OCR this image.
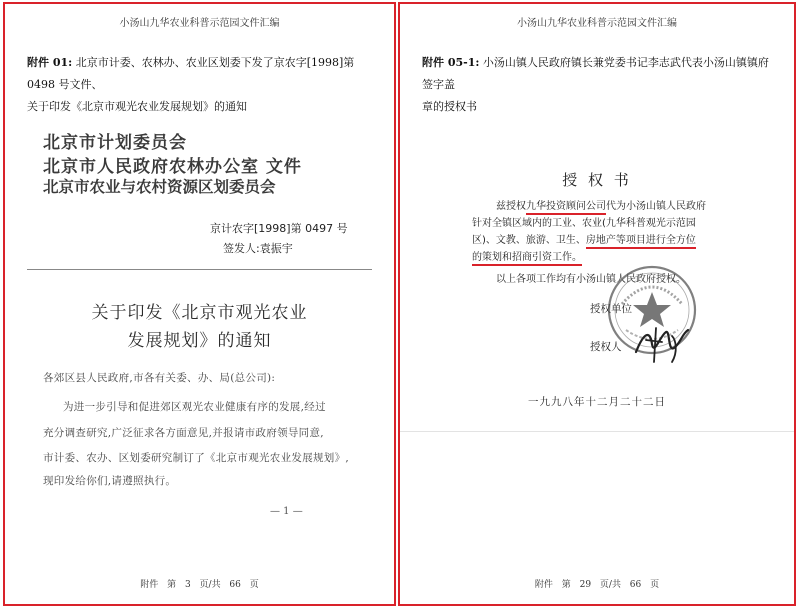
小汤山九华农业科普示范园文件汇编
附件 01: 北京市计委、农林办、农业区划委下发了京农字[1998]第 0498 号文件、
关于印发《北京市观光农业发展规划》的通知
北京市计划委员会
北京市人民政府农林办公室 文件
北京市农业与农村资源区划委员会
京计农字[1998]第 0497 号
签发人:袁振宇
关于印发《北京市观光农业
发展规划》的通知
各郊区县人民政府,市各有关委、办、局(总公司):
为进一步引导和促进郊区观光农业健康有序的发展,经过
充分调查研究,广泛征求各方面意见,并报请市政府领导同意,
市计委、农办、区划委研究制订了《北京市观光农业发展规划》,
现印发给你们,请遵照执行。
— 1 —
附件 第 3 页/共 66 页
小汤山九华农业科普示范园文件汇编
附件 05-1: 小汤山镇人民政府镇长兼党委书记李志武代表小汤山镇镇府签字盖
章的授权书
授 权 书
兹授权九华投资顾问公司代为小汤山镇人民政府
针对全镇区域内的工业、农业(九华科普观光示范园
区)、文教、旅游、卫生、房地产等项目进行全方位
的策划和招商引资工作。
以上各项工作均有小汤山镇人民政府授权。
授权单位
授权人
一九九八年十二月二十二日
附件 第 29 页/共 66 页
